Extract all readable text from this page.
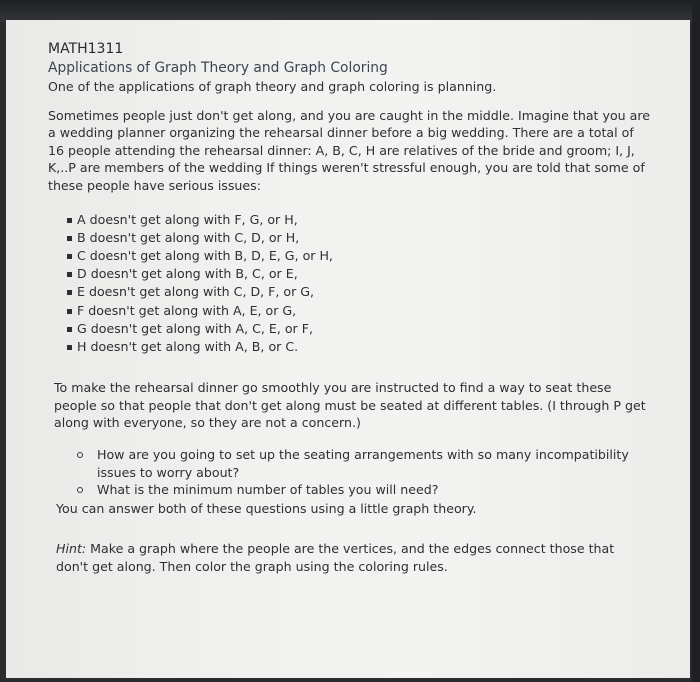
MATH1311
Applications of Graph Theory and Graph Coloring
One of the applications of graph theory and graph coloring is planning.

Sometimes people just don't get along, and you are caught in the middle. Imagine that you are a wedding planner organizing the rehearsal dinner before a big wedding. There are a total of 16 people attending the rehearsal dinner: A, B, C, H are relatives of the bride and groom; I, J, K,..P are members of the wedding If things weren't stressful enough, you are told that some of these people have serious issues:

A doesn't get along with F, G, or H,
B doesn't get along with C, D, or H,
C doesn't get along with B, D, E, G, or H,
D doesn't get along with B, C, or E,
E doesn't get along with C, D, F, or G,
F doesn't get along with A, E, or G,
G doesn't get along with A, C, E, or F,
H doesn't get along with A, B, or C.

To make the rehearsal dinner go smoothly you are instructed to find a way to seat these people so that people that don't get along must be seated at different tables. (I through P get along with everyone, so they are not a concern.)

How are you going to set up the seating arrangements with so many incompatibility issues to worry about?
What is the minimum number of tables you will need?

You can answer both of these questions using a little graph theory.

Hint: Make a graph where the people are the vertices, and the edges connect those that don't get along. Then color the graph using the coloring rules.
